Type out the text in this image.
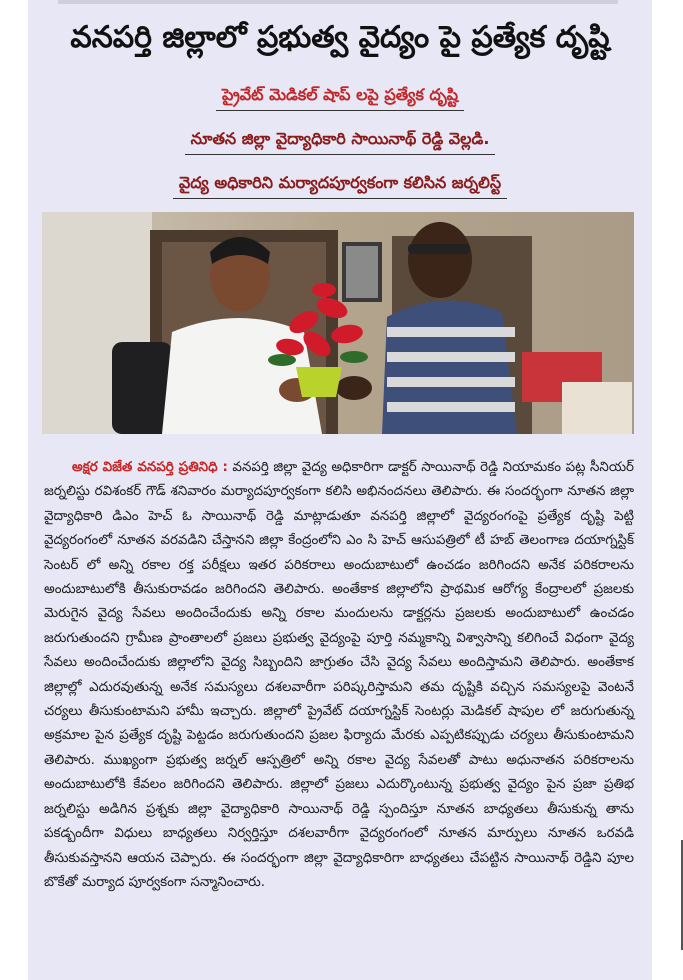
వనపర్తి జిల్లాలో ప్రభుత్వ వైద్యం పై ప్రత్యేక దృష్టి
ప్రైవేట్ మెడికల్ షాప్ లపై ప్రత్యేక దృష్టి
నూతన జిల్లా వైద్యాధికారి సాయినాథ్ రెడ్డి వెల్లడి.
వైద్య అధికారిని మర్యాదపూర్వకంగా కలిసిన జర్నలిస్ట్
అక్షర విజేత వనపర్తి ప్రతినిధి : వనపర్తి జిల్లా వైద్య అధికారిగా డాక్టర్ సాయినాథ్ రెడ్డి నియామకం పట్ల సీనియర్ జర్నలిస్టు రవిశంకర్ గౌడ్ శనివారం మర్యాదపూర్వకంగా కలిసి అభినందనలు తెలిపారు. ఈ సందర్భంగా నూతన జిల్లా వైద్యాధికారి డిఎం హెచ్ ఓ సాయినాథ్ రెడ్డి మాట్లాడుతూ వనపర్తి జిల్లాలో వైద్యరంగంపై ప్రత్యేక దృష్టి పెట్టి వైద్యరంగంలో నూతన వరవడిని చేస్తానని జిల్లా కేంద్రంలోని ఎం సి హెచ్ ఆసుపత్రిలో టీ హబ్ తెలంగాణ దయాగ్నస్టిక్ సెంటర్ లో అన్ని రకాల రక్త పరీక్షలు ఇతర పరికరాలు అందుబాటులో ఉంచడం జరిగిందని అనేక పరికరాలను అందుబాటులోకి తీసుకురావడం జరిగిందని తెలిపారు. అంతేకాక జిల్లాలోని ప్రాథమిక ఆరోగ్య కేంద్రాలలో ప్రజలకు మెరుగైన వైద్య సేవలు అందించేందుకు అన్ని రకాల మందులను డాక్టర్లను ప్రజలకు అందుబాటులో ఉంచడం జరుగుతుందని గ్రామీణ ప్రాంతాలలో ప్రజలు ప్రభుత్వ వైద్యంపై పూర్తి నమ్మకాన్ని విశ్వాసాన్ని కలిగించే విధంగా వైద్య సేవలు అందించేందుకు జిల్లాలోని వైద్య సిబ్బందిని జాగ్రుతం చేసి వైద్య సేవలు అందిస్తామని తెలిపారు. అంతేకాక జిల్లాల్లో ఎదురవుతున్న అనేక సమస్యలు దశలవారీగా పరిష్కరిస్తామని తమ దృష్టికి వచ్చిన సమస్యలపై వెంటనే చర్యలు తీసుకుంటామని హామీ ఇచ్చారు. జిల్లాలో ప్రైవేట్ దయాగ్నస్టిక్ సెంటర్లు మెడికల్ షాపుల లో జరుగుతున్న అక్రమాల పైన ప్రత్యేక దృష్టి పెట్టడం జరుగుతుందని ప్రజల ఫిర్యాదు మేరకు ఎప్పటికప్పుడు చర్యలు తీసుకుంటామని తెలిపారు. ముఖ్యంగా ప్రభుత్వ జర్నల్ ఆస్పత్రిలో అన్ని రకాల వైద్య సేవలతో పాటు అధునాతన పరికరాలను అందుబాటులోకి కేవలం జరిగిందని తెలిపారు. జిల్లాలో ప్రజలు ఎదుర్కొంటున్న ప్రభుత్వ వైద్యం పైన ప్రజా ప్రతిభ జర్నలిస్టు అడిగిన ప్రశ్నకు జిల్లా వైద్యాధికారి సాయినాథ్ రెడ్డి స్పందిస్తూ నూతన బాధ్యతలు తీసుకున్న తాను పకడ్బందీగా విధులు బాధ్యతలు నిర్వర్తిస్తూ దశలవారీగా వైద్యరంగంలో నూతన మార్పులు నూతన ఒరవడి తీసుకువస్తానని ఆయన చెప్పారు. ఈ సందర్భంగా జిల్లా వైద్యాధికారిగా బాధ్యతలు చేపట్టిన సాయినాథ్ రెడ్డిని పూల బొకేతో మర్యాద పూర్వకంగా సన్మానించారు.
